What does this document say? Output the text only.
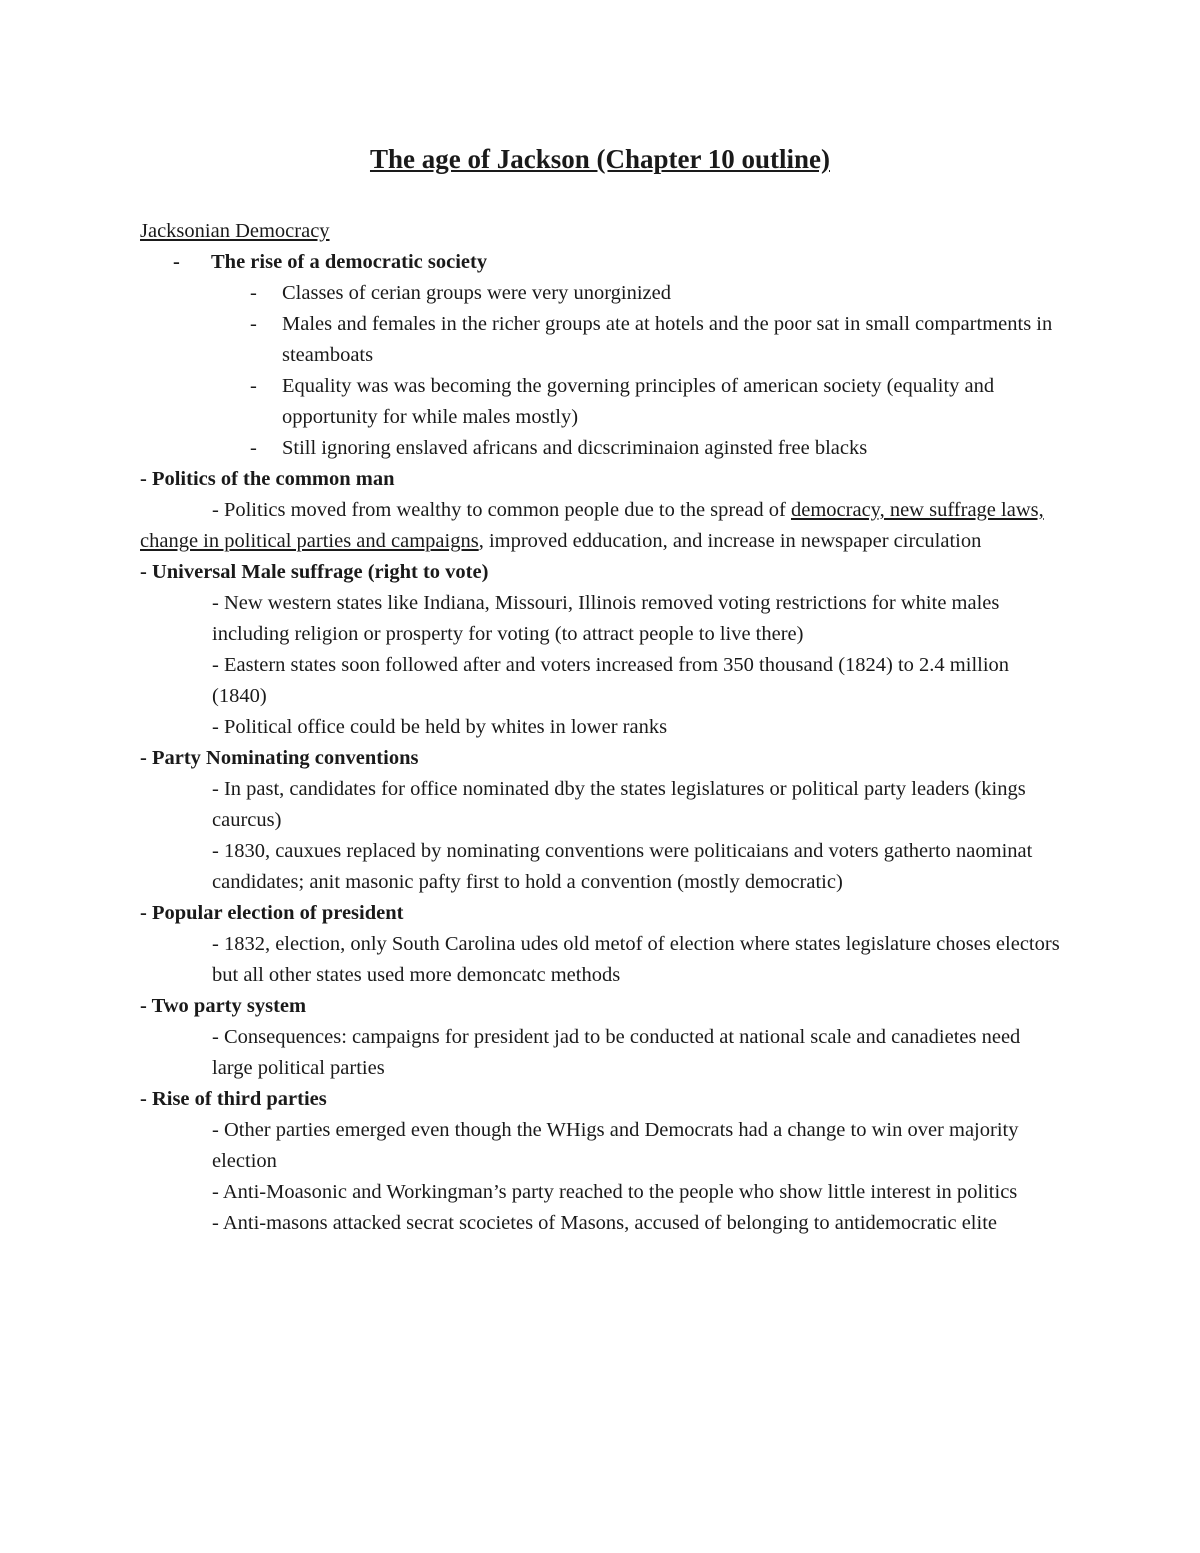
The age of Jackson (Chapter 10 outline)

Jacksonian Democracy

- The rise of a democratic society
- Classes of cerian groups were very unorginized
- Males and females in the richer groups ate at hotels and the poor sat in small compartments in steamboats
- Equality was was becoming the governing principles of american society (equality and opportunity for while males mostly)
- Still ignoring enslaved africans and dicscriminaion aginsted free blacks

- Politics of the common man

- Politics moved from wealthy to common people due to the spread of democracy, new suffrage laws, change in political parties and campaigns, improved edducation, and increase in newspaper circulation

- Universal Male suffrage (right to vote)

- New western states like Indiana, Missouri, Illinois removed voting restrictions for white males including religion or prosperty for voting (to attract people to live there)

- Eastern states soon followed after and voters increased from 350 thousand (1824) to 2.4 million (1840)

- Political office could be held by whites in lower ranks

- Party Nominating conventions

- In past, candidates for office nominated dby the states legislatures or political party leaders (kings caurcus)

- 1830, cauxues replaced by nominating conventions were politicaians and voters gatherto naominat candidates; anit masonic pafty first to hold a convention (mostly democratic)

- Popular election of president

- 1832, election, only South Carolina udes old metof of election where states legislature choses electors but all other states used more demoncatc methods

- Two party system

- Consequences: campaigns for president jad to be conducted at national scale and canadietes need large political parties

- Rise of third parties

- Other parties emerged even though the WHigs and Democrats had a change to win over majority election

- Anti-Moasonic and Workingman’s party reached to the people who show little interest in politics

- Anti-masons attacked secrat scocietes of Masons, accused of belonging to antidemocratic elite
